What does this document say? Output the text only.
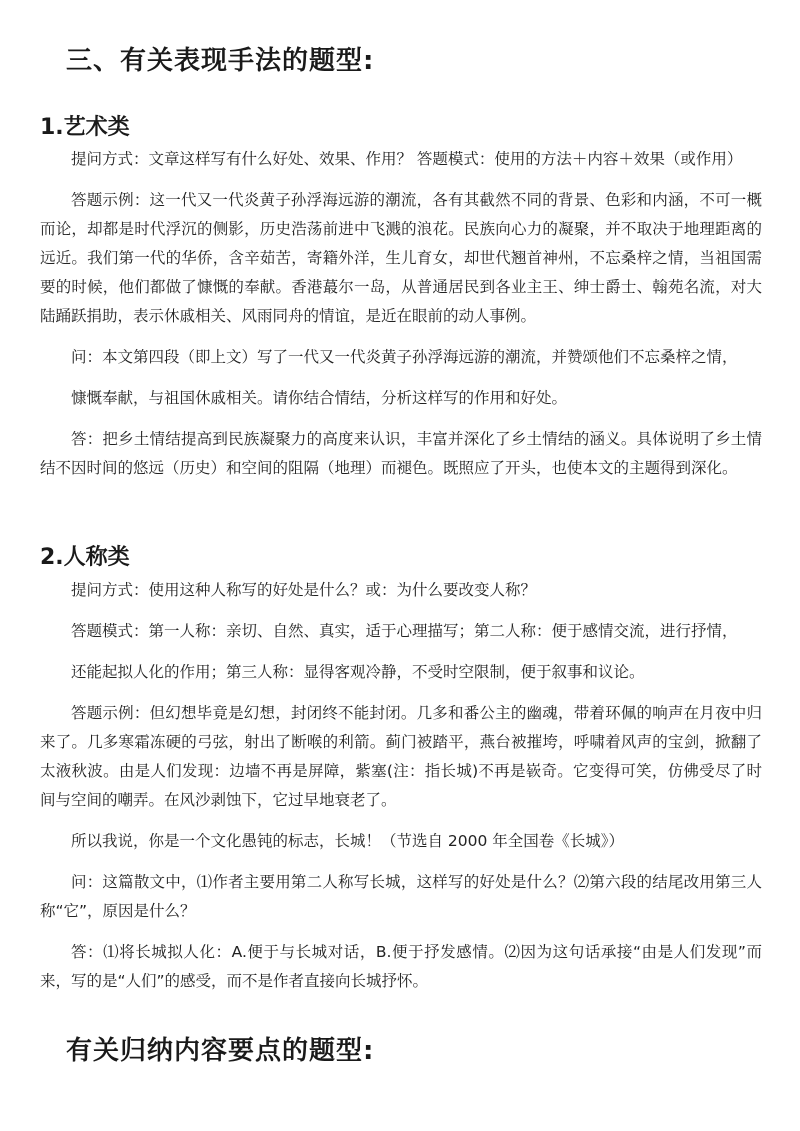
三、有关表现手法的题型:
1.艺术类

提问方式：文章这样写有什么好处、效果、作用？ 答题模式：使用的方法＋内容＋效果（或作用）

答题示例：这一代又一代炎黄子孙浮海远游的潮流，各有其截然不同的背景、色彩和内涵，不可一概而论，却都是时代浮沉的侧影，历史浩荡前进中飞溅的浪花。民族向心力的凝聚，并不取决于地理距离的远近。我们第一代的华侨，含辛茹苦，寄籍外洋，生儿育女，却世代翘首神州，不忘桑梓之情，当祖国需要的时候，他们都做了慷慨的奉献。香港蕞尔一岛，从普通居民到各业主王、绅士爵士、翰苑名流，对大陆踊跃捐助，表示休戚相关、风雨同舟的情谊，是近在眼前的动人事例。

问：本文第四段（即上文）写了一代又一代炎黄子孙浮海远游的潮流，并赞颂他们不忘桑梓之情，

慷慨奉献，与祖国休戚相关。请你结合情结，分析这样写的作用和好处。

答：把乡土情结提高到民族凝聚力的高度来认识，丰富并深化了乡土情结的涵义。具体说明了乡土情结不因时间的悠远（历史）和空间的阻隔（地理）而褪色。既照应了开头，也使本文的主题得到深化。

2.人称类

提问方式：使用这种人称写的好处是什么？或：为什么要改变人称？

答题模式：第一人称：亲切、自然、真实，适于心理描写；第二人称：便于感情交流，进行抒情，

还能起拟人化的作用；第三人称：显得客观冷静，不受时空限制，便于叙事和议论。

答题示例：但幻想毕竟是幻想，封闭终不能封闭。几多和番公主的幽魂，带着环佩的响声在月夜中归来了。几多寒霜冻硬的弓弦，射出了断喉的利箭。蓟门被踏平，燕台被摧垮，呼啸着风声的宝剑，掀翻了太液秋波。由是人们发现：边墙不再是屏障，紫塞(注：指长城)不再是嵚奇。它变得可笑，仿佛受尽了时间与空间的嘲弄。在风沙剥蚀下，它过早地衰老了。

所以我说，你是一个文化愚钝的标志，长城！（节选自 2000 年全国卷《长城》）

问：这篇散文中，⑴作者主要用第二人称写长城，这样写的好处是什么？⑵第六段的结尾改用第三人称“它”，原因是什么？

答：⑴将长城拟人化：A.便于与长城对话，B.便于抒发感情。⑵因为这句话承接“由是人们发现”而来，写的是“人们”的感受，而不是作者直接向长城抒怀。

有关归纳内容要点的题型:
